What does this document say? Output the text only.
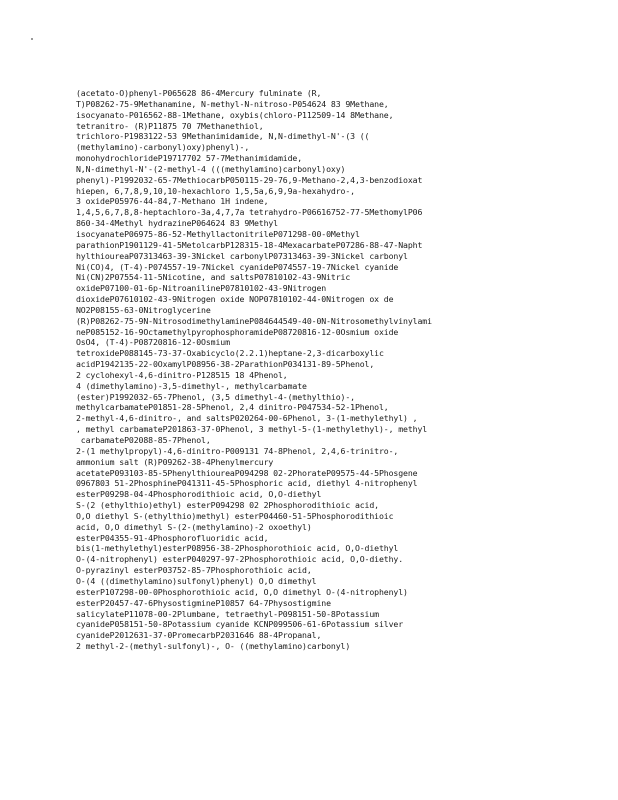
(acetato-O)phenyl-P065628 86-4Mercury fulminate (R,
T)P08262-75-9Methanamine, N-methyl-N-nitroso-P054624 83 9Methane,
isocyanato-P016562-88-1Methane, oxybis(chloro-P112509-14 8Methane,
tetranitro- (R)P11875 70 7Methanethiol,
trichloro-P1983122-53 9Methanimidamide, N,N-dimethyl-N'-(3 ((
(methylamino)-carbonyl)oxy)phenyl)-,
monohydrochlorideP19717702 57-7Methanimidamide,
N,N-dimethyl-N'-(2-methyl-4 (((methylamino)carbonyl)oxy)
phenyl)-P1992032-65-7MethiocarbP050115-29-76,9-Methano-2,4,3-benzodioxat
hiepen, 6,7,8,9,10,10-hexachloro 1,5,5a,6,9,9a-hexahydro-,
3 oxideP05976-44-84,7-Methano 1H indene,
1,4,5,6,7,8,8-heptachloro-3a,4,7,7a tetrahydro-P06616752-77-5MethomylP06
860-34-4Methyl hydrazineP064624 83 9Methyl
isocyanateP06975-86-52-MethyllactonitrileP071298-00-0Methyl
parathionP1901129-41-5MetolcarbP128315-18-4MexacarbateP07286-88-47-Napht
hylthioureaP07313463-39-3Nickel carbonylP07313463-39-3Nickel carbonyl
Ni(CO)4, (T-4)-P074557-19-7Nickel cyanideP074557-19-7Nickel cyanide
Ni(CN)2P07554-11-5Nicotine, and saltsP07810102-43-9Nitric
oxideP07100-01-6p-NitroanilineP07810102-43-9Nitrogen
dioxideP07610102-43-9Nitrogen oxide NOP07810102-44-0Nitrogen ox de
NO2P08155-63-0Nitroglycerine
(R)P08262-75-9N-NitrosodimethylamineP084644549-40-0N-Nitrosomethylvinylami
neP085152-16-9OctamethylpyrophosphoramideP08720816-12-0Osmium oxide
OsO4, (T-4)-P08720816-12-0Osmium
tetroxideP088145-73-37-Oxabicyclo(2.2.1)heptane-2,3-dicarboxylic
acidP1942135-22-0OxamylP08956-38-2ParathionP034131-89-5Phenol,
2 cyclohexyl-4,6-dinitro-P128515 18 4Phenol,
4 (dimethylamino)-3,5-dimethyl-, methylcarbamate
(ester)P1992032-65-7Phenol, (3,5 dimethyl-4-(methylthio)-,
methylcarbamateP01851-28-5Phenol, 2,4 dinitro-P047534-52-1Phenol,
2-methyl-4,6-dinitro-, and saltsP020264-00-6Phenol, 3-(1-methylethyl) ,
, methyl carbamateP201863-37-0Phenol, 3 methyl-5-(1-methylethyl)-, methyl
carbamateP02088-85-7Phenol,
2-(1 methylpropyl)-4,6-dinitro-P009131 74-8Phenol, 2,4,6-trinitro-,
ammonium salt (R)P09262-38-4Phenylmercury
acetateP093103-85-5PhenylthioureaP094298 02-2PhorateP09575-44-5Phosgene
0967803 51-2PhosphineP041311-45-5Phosphoric acid, diethyl 4-nitrophenyl
esterP09298-04-4Phosphorodithioic acid, O,O-diethyl
S-(2 (ethylthio)ethyl) esterP094298 02 2Phosphorodithioic acid,
O,O diethyl S-(ethylthio)methyl) esterP04460-51-5Phosphorodithioic
acid, O,O dimethyl S-(2-(methylamino)-2 oxoethyl)
esterP04355-91-4Phosphorofluoridic acid,
bis(1-methylethyl)esterP08956-38-2Phosphorothioic acid, O,O-diethyl
O-(4-nitrophenyl) esterP040297-97-2Phosphorothioic acid, O,O-diethy.
O-pyrazinyl esterP03752-85-7Phosphorothioic acid,
O-(4 ((dimethylamino)sulfonyl)phenyl) O,O dimethyl
esterP107298-00-0Phosphorothioic acid, O,O dimethyl O-(4-nitrophenyl)
esterP20457-47-6PhysostigmineP10857 64-7Physostigmine
salicylateP11078-00-2Plumbane, tetraethyl-P098151-50-8Potassium
cyanideP058151-50-8Potassium cyanide KCNP099506-61-6Potassium silver
cyanideP2012631-37-0PromecarbP2031646 88-4Propanal,
2 methyl-2-(methyl-sulfonyl)-, O- ((methylamino)carbonyl)
